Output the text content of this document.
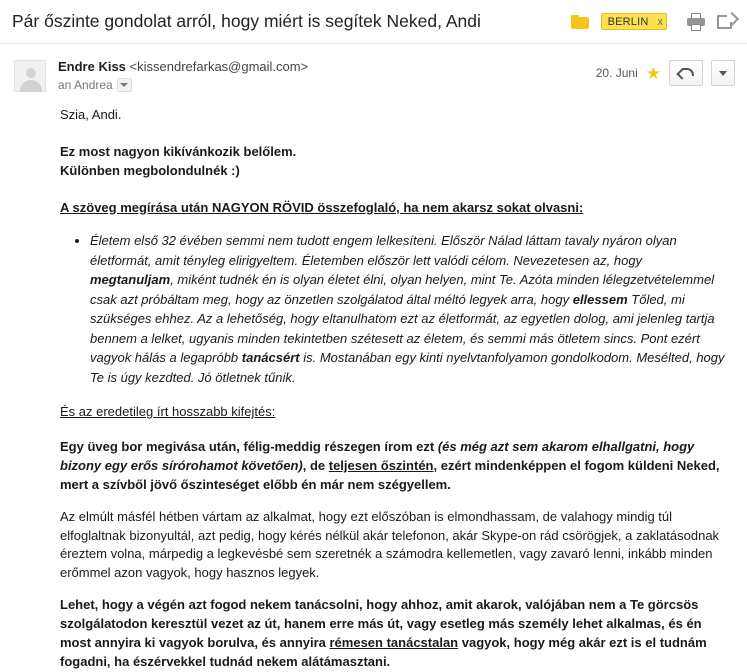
Pár őszinte gondolat arról, hogy miért is segítek Neked, Andi	BERLIN x
Endre Kiss <kissendrefarkas@gmail.com>
an Andrea
20. Juni ★
Szia, Andi.
Ez most nagyon kikívánkozik belőlem.
Különben megbolondulnék :)
A szöveg megírása után NAGYON RÖVID összefoglaló, ha nem akarsz sokat olvasni:
• Életem első 32 évében semmi nem tudott engem lelkesíteni. Először Nálad láttam tavaly nyáron olyan életformát, amit tényleg elirigyeltem. Életemben először lett valódi célom. Nevezetesen az, hogy megtanuljam, miként tudnék én is olyan életet élni, olyan helyen, mint Te. Azóta minden lélegzetvételemmel csak azt próbáltam meg, hogy az önzetlen szolgálatod által méltó legyek arra, hogy ellessem Tőled, mi szükséges ehhez. Az a lehetőség, hogy eltanulhatom ezt az életformát, az egyetlen dolog, ami jelenleg tartja bennem a lelket, ugyanis minden tekintetben szétesett az életem, és semmi más ötletem sincs. Pont ezért vagyok hálás a legapróbb tanácsért is. Mostanában egy kinti nyelvtanfolyamon gondolkodom. Mesélted, hogy Te is úgy kezdted. Jó ötletnek tűnik.
És az eredetileg írt hosszabb kifejtés:
Egy üveg bor megivása után, félig-meddig részegen írom ezt (és még azt sem akarom elhallgatni, hogy bizony egy erős sírórohamot követően), de teljesen őszintén, ezért mindenképpen el fogom küldeni Neked, mert a szívből jövő őszinteséget előbb én már nem szégyellem.
Az elmúlt másfél hétben vártam az alkalmat, hogy ezt előszóban is elmondhassam, de valahogy mindig túl elfoglaltnak bizonyultál, azt pedig, hogy kérés nélkül akár telefonon, akár Skype-on rád csörögjek, a zaklatásodnak éreztem volna, márpedig a legkevésbé sem szeretnék a számodra kellemetlen, vagy zavaró lenni, inkább minden erőmmel azon vagyok, hogy hasznos legyek.
Lehet, hogy a végén azt fogod nekem tanácsolni, hogy ahhoz, amit akarok, valójában nem a Te görcsös szolgálatodon keresztül vezet az út, hanem erre más út, vagy esetleg más személy lehet alkalmas, és én most annyira ki vagyok borulva, és annyira rémesen tanácstalan vagyok, hogy még akár ezt is el tudnám fogadni, ha észérvekkel tudnád nekem alátámasztani.
